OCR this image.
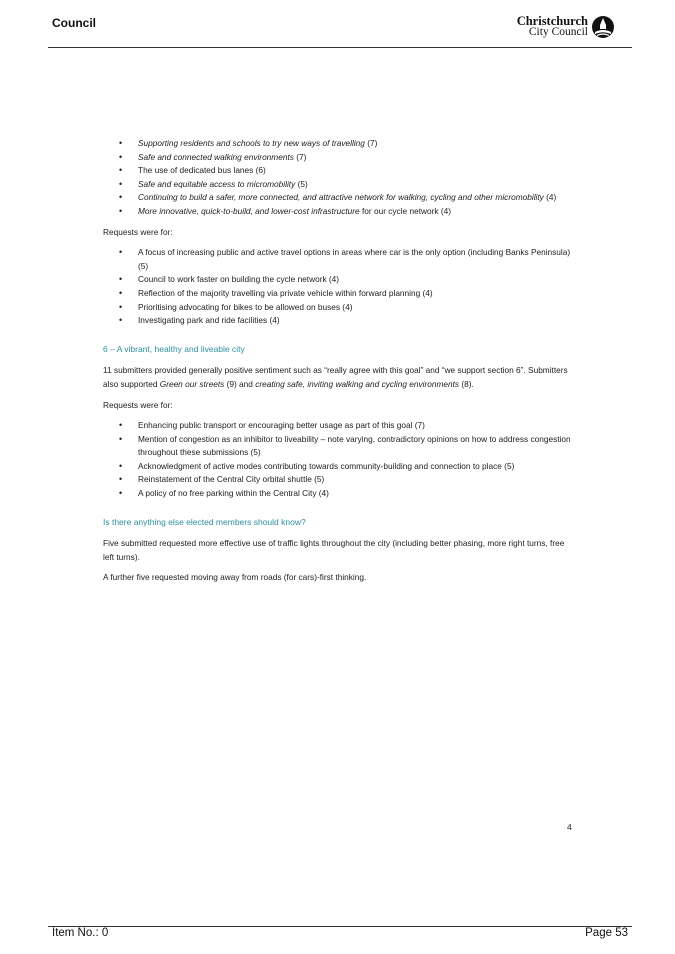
Council	Christchurch
City Council
• Supporting residents and schools to try new ways of travelling (7)
• Safe and connected walking environments (7)
• The use of dedicated bus lanes (6)
• Safe and equitable access to micromobility (5)
• Continuing to build a safer, more connected, and attractive network for walking, cycling and other micromobility (4)
• More innovative, quick-to-build, and lower-cost infrastructure for our cycle network (4)

Requests were for:

• A focus of increasing public and active travel options in areas where car is the only option (including Banks Peninsula) (5)
• Council to work faster on building the cycle network (4)
• Reflection of the majority travelling via private vehicle within forward planning (4)
• Prioritising advocating for bikes to be allowed on buses (4)
• Investigating park and ride facilities (4)
6 – A vibrant, healthy and liveable city

11 submitters provided generally positive sentiment such as “really agree with this goal” and “we support section 6”. Submitters also supported Green our streets (9) and creating safe, inviting walking and cycling environments (8).

Requests were for:

• Enhancing public transport or encouraging better usage as part of this goal (7)
• Mention of congestion as an inhibitor to liveability – note varying, contradictory opinions on how to address congestion throughout these submissions (5)
• Acknowledgment of active modes contributing towards community-building and connection to place (5)
• Reinstatement of the Central City orbital shuttle (5)
• A policy of no free parking within the Central City (4)
Is there anything else elected members should know?

Five submitted requested more effective use of traffic lights throughout the city (including better phasing, more right turns, free left turns).

A further five requested moving away from roads (for cars)-first thinking.

4
Item No.: 0	Page 53
